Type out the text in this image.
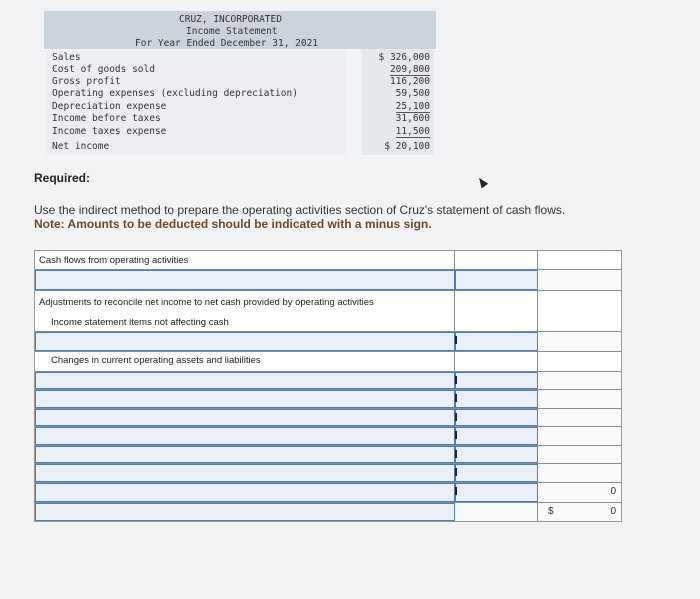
CRUZ, INCORPORATED
Income Statement
For Year Ended December 31, 2021
Sales
Cost of goods sold
Gross profit
Operating expenses (excluding depreciation)
Depreciation expense
Income before taxes
Income taxes expense
Net income
$ 326,000
209,800
116,200
59,500
25,100
31,600
11,500
$ 20,100
Required:
Use the indirect method to prepare the operating activities section of Cruz's statement of cash flows.
Note: Amounts to be deducted should be indicated with a minus sign.
Cash flows from operating activities
Adjustments to reconcile net income to net cash provided by operating activities
Income statement items not affecting cash
Changes in current operating assets and liabilities
0
$	0
